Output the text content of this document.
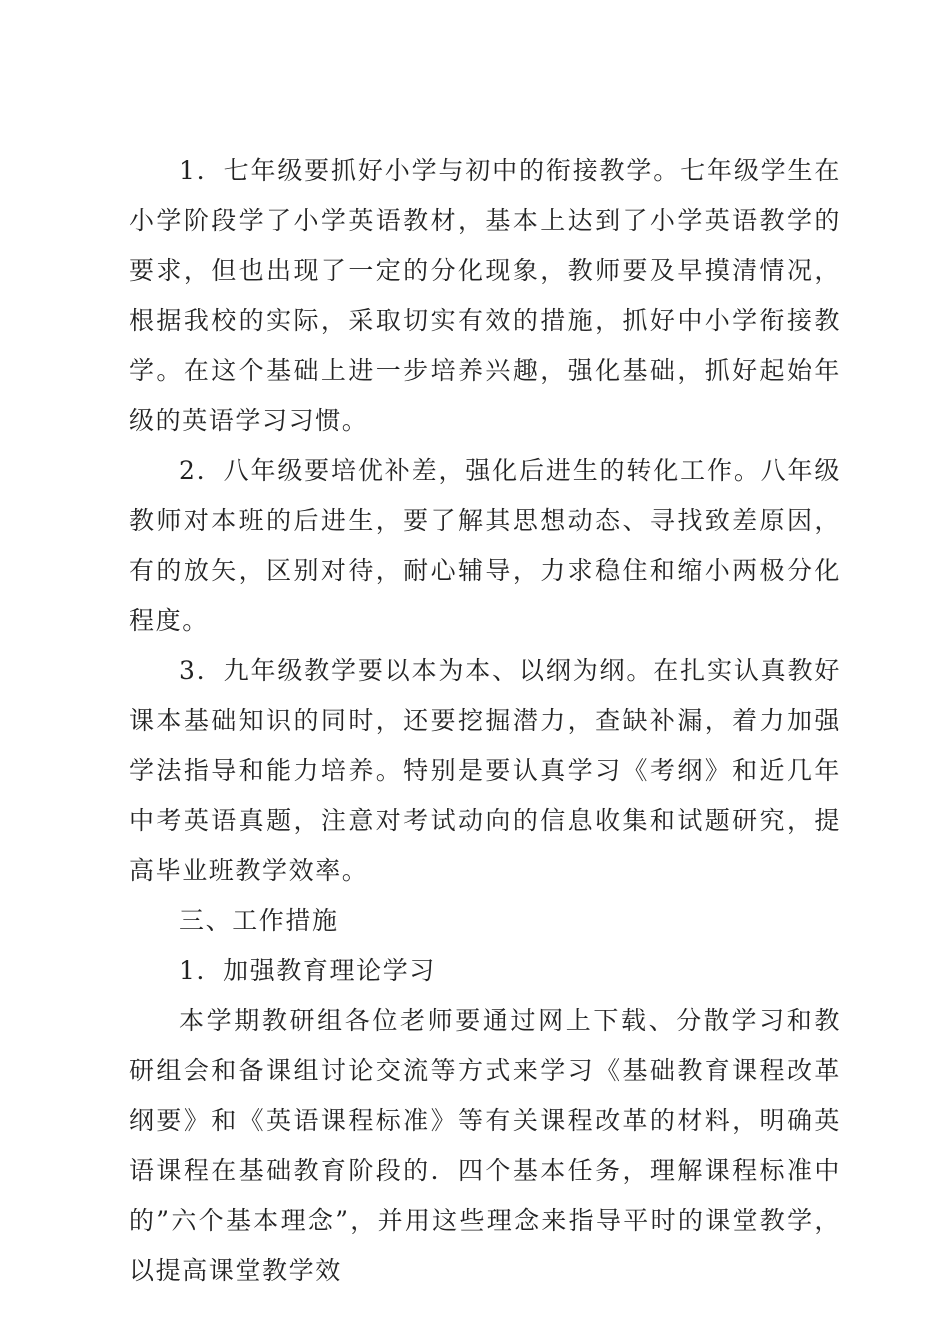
1．七年级要抓好小学与初中的衔接教学。七年级学生在小学阶段学了小学英语教材，基本上达到了小学英语教学的要求，但也出现了一定的分化现象，教师要及早摸清情况，根据我校的实际，采取切实有效的措施，抓好中小学衔接教学。在这个基础上进一步培养兴趣，强化基础，抓好起始年级的英语学习习惯。

2．八年级要培优补差，强化后进生的转化工作。八年级教师对本班的后进生，要了解其思想动态、寻找致差原因，有的放矢，区别对待，耐心辅导，力求稳住和缩小两极分化程度。

3．九年级教学要以本为本、以纲为纲。在扎实认真教好课本基础知识的同时，还要挖掘潜力，查缺补漏，着力加强学法指导和能力培养。特别是要认真学习《考纲》和近几年中考英语真题，注意对考试动向的信息收集和试题研究，提高毕业班教学效率。

三、工作措施

1．加强教育理论学习

本学期教研组各位老师要通过网上下载、分散学习和教研组会和备课组讨论交流等方式来学习《基础教育课程改革纲要》和《英语课程标准》等有关课程改革的材料，明确英语课程在基础教育阶段的．四个基本任务，理解课程标准中的”六个基本理念”，并用这些理念来指导平时的课堂教学，以提高课堂教学效
